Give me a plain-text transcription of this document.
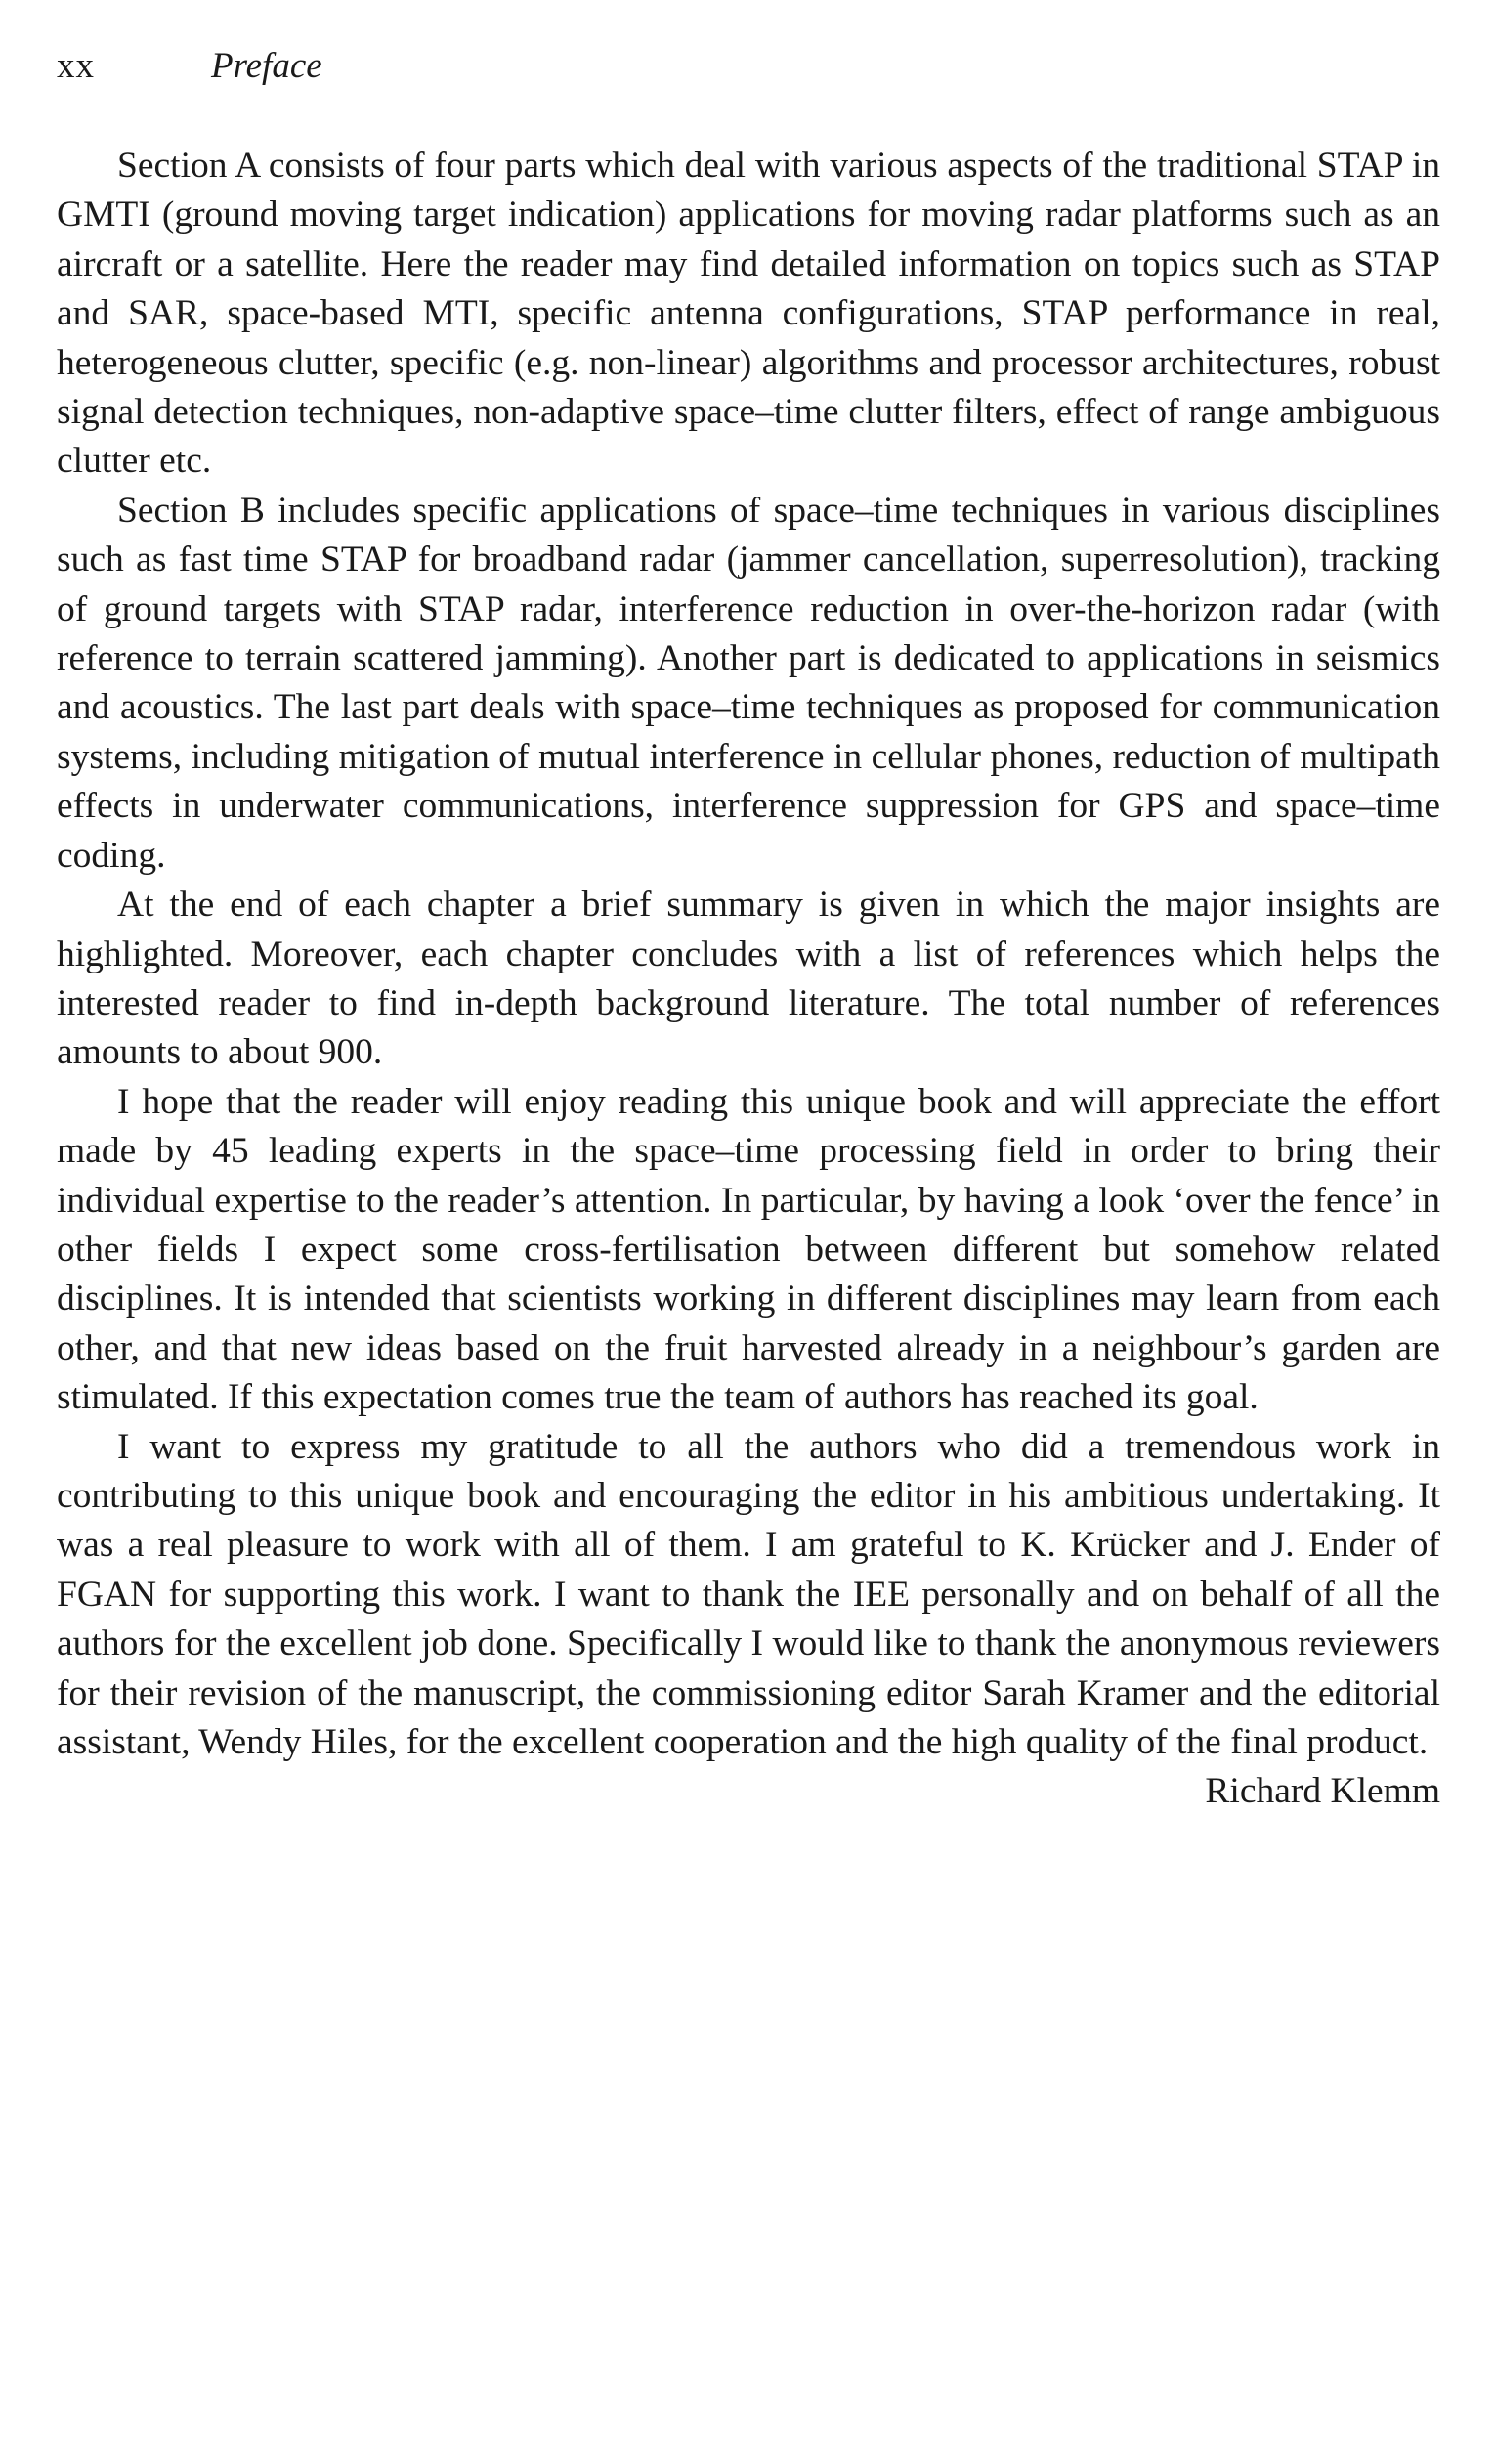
xx	Preface

Section A consists of four parts which deal with various aspects of the traditional STAP in GMTI (ground moving target indication) applications for moving radar platforms such as an aircraft or a satellite. Here the reader may find detailed information on topics such as STAP and SAR, space-based MTI, specific antenna configurations, STAP performance in real, heterogeneous clutter, specific (e.g. non-linear) algorithms and processor architectures, robust signal detection techniques, non-adaptive space–time clutter filters, effect of range ambiguous clutter etc.

Section B includes specific applications of space–time techniques in various disciplines such as fast time STAP for broadband radar (jammer cancellation, superresolution), tracking of ground targets with STAP radar, interference reduction in over-the-horizon radar (with reference to terrain scattered jamming). Another part is dedicated to applications in seismics and acoustics. The last part deals with space–time techniques as proposed for communication systems, including mitigation of mutual interference in cellular phones, reduction of multipath effects in underwater communications, interference suppression for GPS and space–time coding.

At the end of each chapter a brief summary is given in which the major insights are highlighted. Moreover, each chapter concludes with a list of references which helps the interested reader to find in-depth background literature. The total number of references amounts to about 900.

I hope that the reader will enjoy reading this unique book and will appreciate the effort made by 45 leading experts in the space–time processing field in order to bring their individual expertise to the reader’s attention. In particular, by having a look ‘over the fence’ in other fields I expect some cross-fertilisation between different but somehow related disciplines. It is intended that scientists working in different disciplines may learn from each other, and that new ideas based on the fruit harvested already in a neighbour’s garden are stimulated. If this expectation comes true the team of authors has reached its goal.

I want to express my gratitude to all the authors who did a tremendous work in contributing to this unique book and encouraging the editor in his ambitious undertaking. It was a real pleasure to work with all of them. I am grateful to K. Krücker and J. Ender of FGAN for supporting this work. I want to thank the IEE personally and on behalf of all the authors for the excellent job done. Specifically I would like to thank the anonymous reviewers for their revision of the manuscript, the commissioning editor Sarah Kramer and the editorial assistant, Wendy Hiles, for the excellent cooperation and the high quality of the final product.

Richard Klemm
